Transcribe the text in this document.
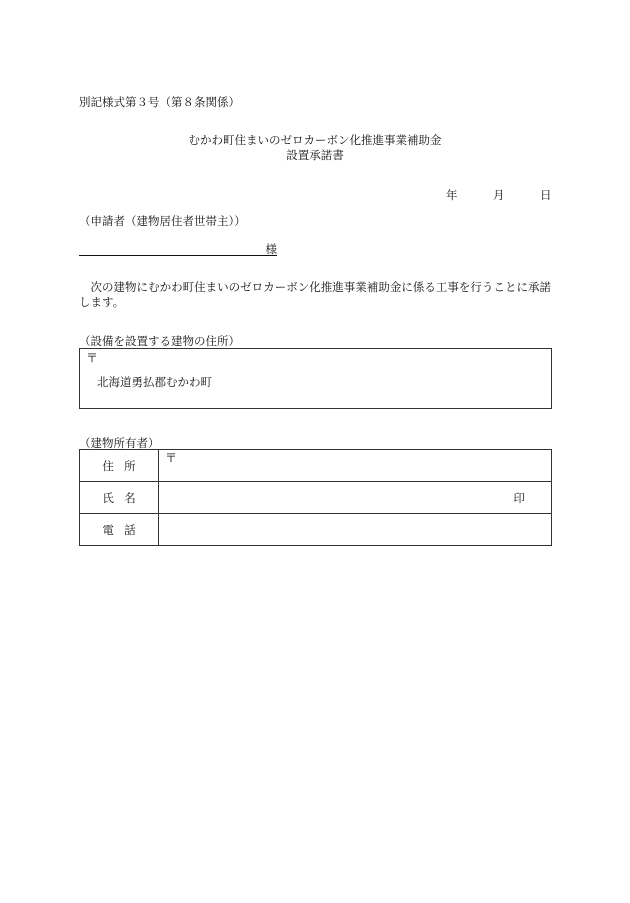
別記様式第３号（第８条関係）
むかわ町住まいのゼロカーボン化推進事業補助金
設置承諾書
年	月	日
（申請者（建物居住者世帯主））
様
次の建物にむかわ町住まいのゼロカーボン化推進事業補助金に係る工事を行うことに承諾します。
（設備を設置する建物の住所）
〒
北海道勇払郡むかわ町
（建物所有者）
住所	〒

氏名	印

電話	
